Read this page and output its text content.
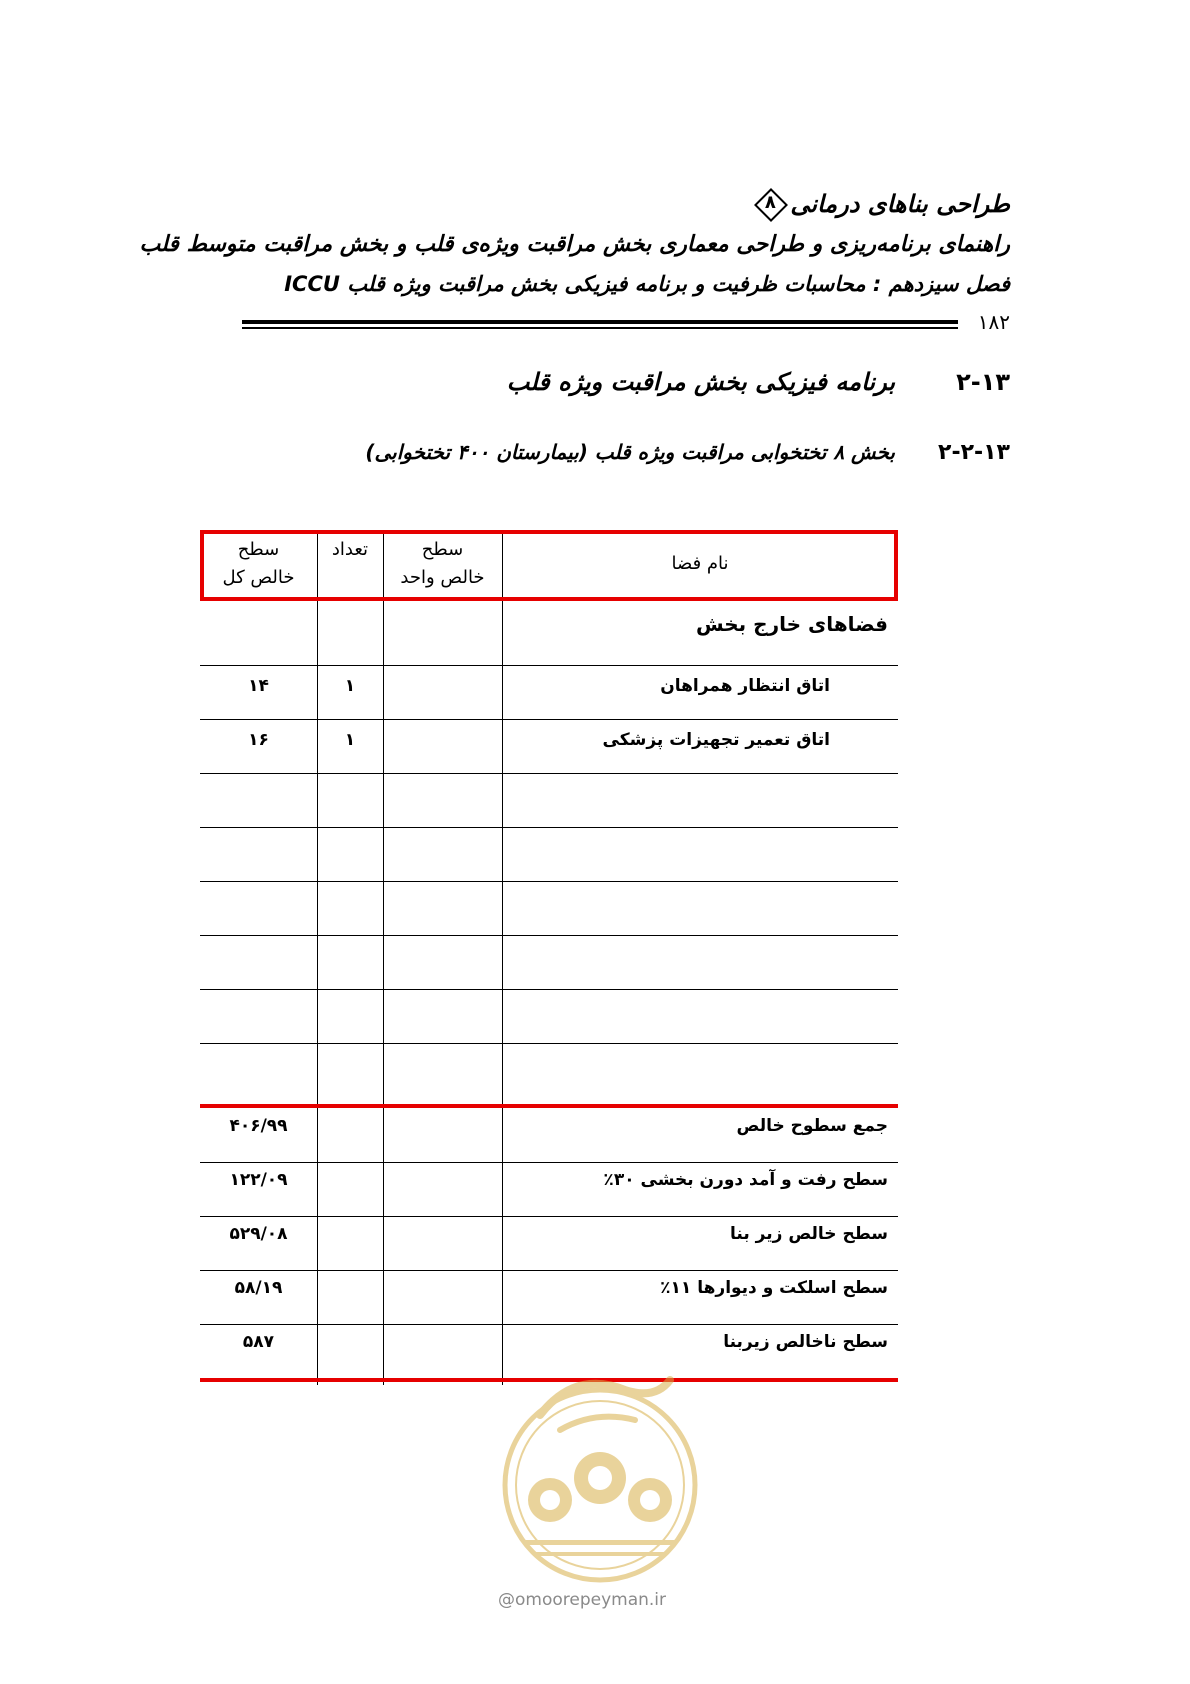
طراحی بناهای درمانی
۸
راهنمای برنامه‌ریزی و طراحی معماری بخش مراقبت ویژه‌ی قلب و بخش مراقبت متوسط قلب
فصل سیزدهم : محاسبات ظرفیت و برنامه فیزیکی بخش مراقبت ویژه قلب ICCU
۱۸۲
۲-۱۳
برنامه فیزیکی بخش مراقبت ویژه قلب
۲-۲-۱۳
بخش ۸ تختخوابی مراقبت ویژه قلب (بیمارستان ۴۰۰ تختخوابی)
سطح
خالص کل
تعداد	سطح
خالص واحد
نام فضا
فضاهای خارج بخش
اتاق انتظار همراهان
۱
۱۴
اتاق تعمیر تجهیزات پزشکی
۱
۱۶
جمع سطوح خالص
۴۰۶/۹۹
سطح رفت و آمد دورن بخشی ۳۰٪
۱۲۲/۰۹
سطح خالص زیر بنا
۵۲۹/۰۸
سطح اسلکت و دیوارها ۱۱٪
۵۸/۱۹
سطح ناخالص زیربنا
۵۸۷
@omoorepeyman.ir
